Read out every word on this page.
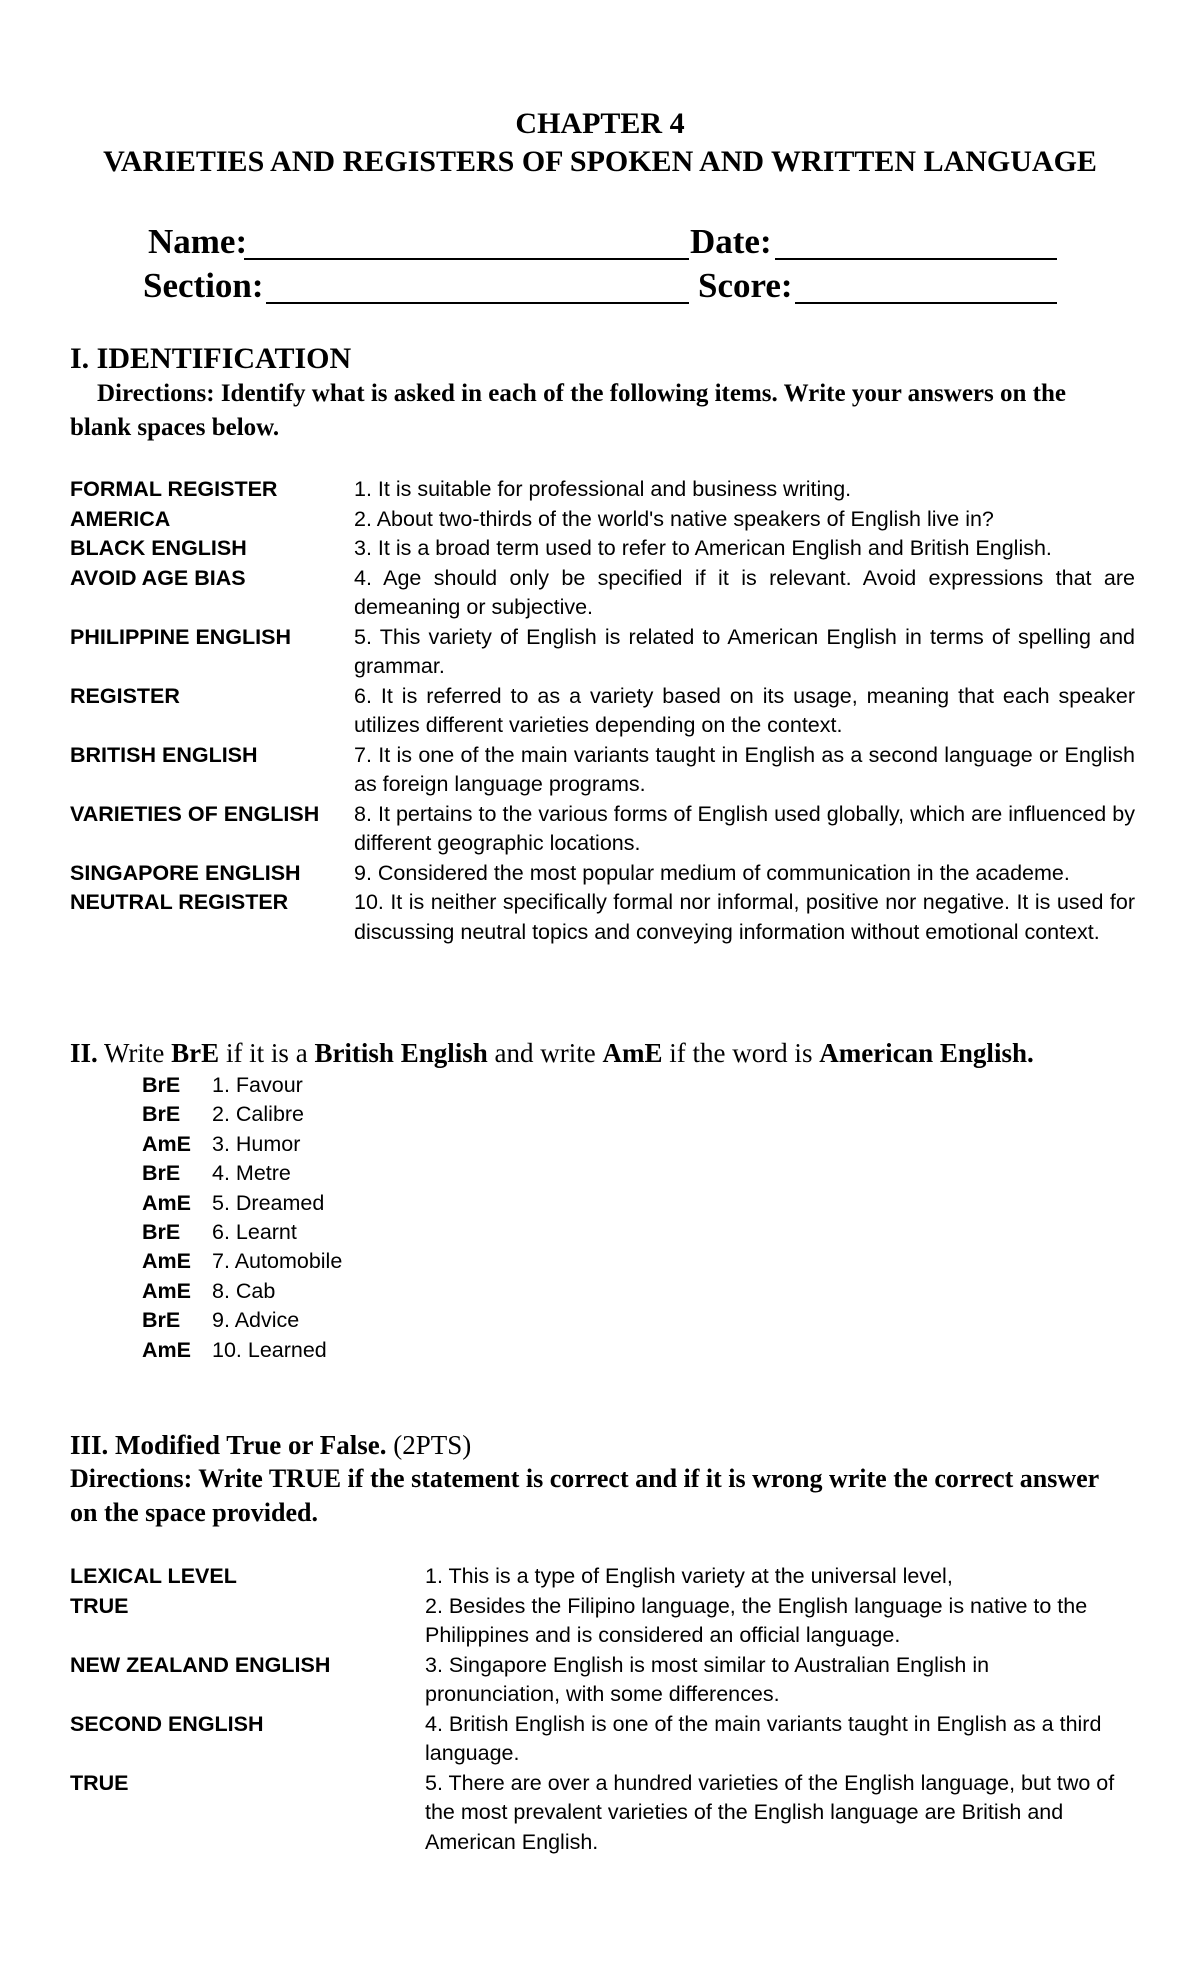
CHAPTER 4
VARIETIES AND REGISTERS OF SPOKEN AND WRITTEN LANGUAGE
Name:	Date:
Section:	Score:
I. IDENTIFICATION
Directions: Identify what is asked in each of the following items. Write your answers on the blank spaces below.
FORMAL REGISTER	1. It is suitable for professional and business writing.
AMERICA	2. About two-thirds of the world's native speakers of English live in?
BLACK ENGLISH	3. It is a broad term used to refer to American English and British English.
AVOID AGE BIAS	4. Age should only be specified if it is relevant. Avoid expressions that are demeaning or subjective.
PHILIPPINE ENGLISH	5. This variety of English is related to American English in terms of spelling and grammar.
REGISTER	6. It is referred to as a variety based on its usage, meaning that each speaker utilizes different varieties depending on the context.
BRITISH ENGLISH	7. It is one of the main variants taught in English as a second language or English as foreign language programs.
VARIETIES OF ENGLISH	8. It pertains to the various forms of English used globally, which are influenced by different geographic locations.
SINGAPORE ENGLISH	9. Considered the most popular medium of communication in the academe.
NEUTRAL REGISTER	10. It is neither specifically formal nor informal, positive nor negative. It is used for discussing neutral topics and conveying information without emotional context.
II. Write BrE if it is a British English and write AmE if the word is American English.
BrE	1. Favour
BrE	2. Calibre
AmE 3. Humor
BrE	4. Metre
AmE 5. Dreamed
BrE	6. Learnt
AmE 7. Automobile
AmE 8. Cab
BrE	9. Advice
AmE 10. Learned
III. Modified True or False. (2PTS)
Directions: Write TRUE if the statement is correct and if it is wrong write the correct answer on the space provided.
LEXICAL LEVEL	1. This is a type of English variety at the universal level,
TRUE	2. Besides the Filipino language, the English language is native to the Philippines and is considered an official language.
NEW ZEALAND ENGLISH	3. Singapore English is most similar to Australian English in pronunciation, with some differences.
SECOND ENGLISH	4. British English is one of the main variants taught in English as a third language.
TRUE	5. There are over a hundred varieties of the English language, but two of the most prevalent varieties of the English language are British and American English.
